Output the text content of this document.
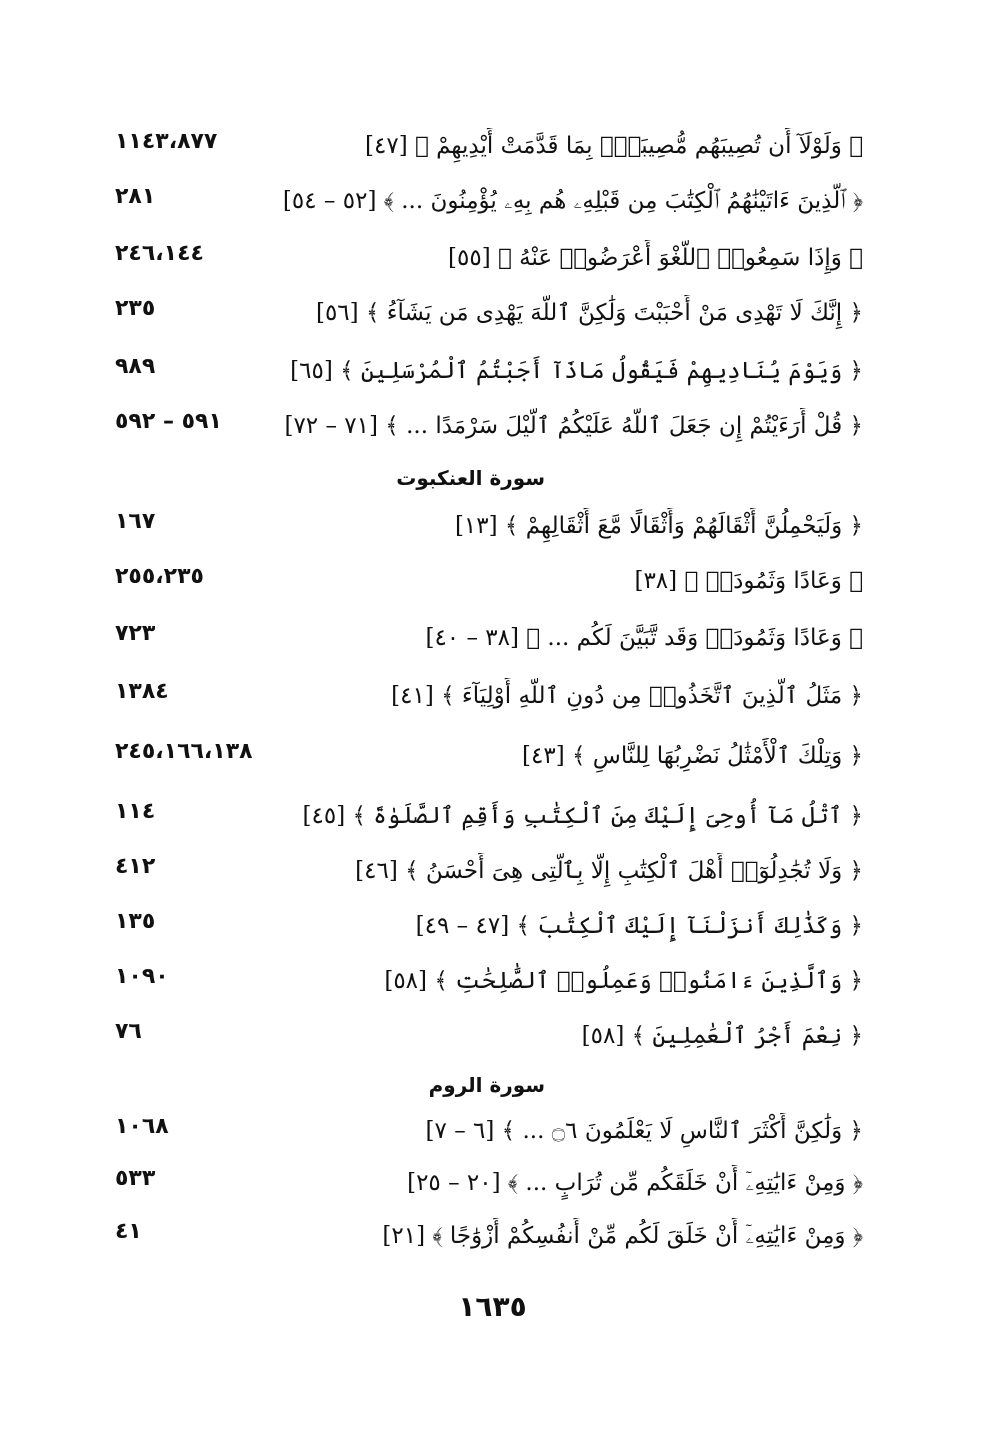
١١٤٣،٨٧٧	﴿ وَلَوْلَآ أَن تُصِيبَهُم مُّصِيبَةُۢ بِمَا قَدَّمَتْ أَيْدِيهِمْ ﴾ [٤٧]
٢٨١	﴿ ٱلَّذِينَ ءَاتَيْنَٰهُمُ ٱلْكِتَٰبَ مِن قَبْلِهِۦ هُم بِهِۦ يُؤْمِنُونَ ... ﴾ [٥٢ – ٥٤]
٢٤٦،١٤٤	﴿ وَإِذَا سَمِعُوا۟ ٱللَّغْوَ أَعْرَضُوا۟ عَنْهُ ﴾ [٥٥]
٢٣٥	﴿ إِنَّكَ لَا تَهْدِى مَنْ أَحْبَبْتَ وَلَٰكِنَّ ٱللَّهَ يَهْدِى مَن يَشَآءُ ﴾ [٥٦]
٩٨٩	﴿ وَيَوْمَ يُنَادِيهِمْ فَيَقُولُ مَاذَآ أَجَبْتُمُ ٱلْمُرْسَلِينَ ﴾ [٦٥]
٥٩١ – ٥٩٢	﴿ قُلْ أَرَءَيْتُمْ إِن جَعَلَ ٱللَّهُ عَلَيْكُمُ ٱلَّيْلَ سَرْمَدًا ... ﴾ [٧١ – ٧٢]
سورة العنكبوت
١٦٧	﴿ وَلَيَحْمِلُنَّ أَثْقَالَهُمْ وَأَثْقَالًا مَّعَ أَثْقَالِهِمْ ﴾ [١٣]
٢٥٥،٢٣٥	﴿ وَعَادًا وَثَمُودَا۟ ﴾ [٣٨]
٧٢٣	﴿ وَعَادًا وَثَمُودَا۟ وَقَد تَّبَيَّنَ لَكُم ... ﴾ [٣٨ – ٤٠]
١٣٨٤	﴿ مَثَلُ ٱلَّذِينَ ٱتَّخَذُوا۟ مِن دُونِ ٱللَّهِ أَوْلِيَآءَ ﴾ [٤١]
٢٤٥،١٦٦،١٣٨	﴿ وَتِلْكَ ٱلْأَمْثَٰلُ نَضْرِبُهَا لِلنَّاسِ ﴾ [٤٣]
١١٤	﴿ ٱتْلُ مَآ أُوحِىَ إِلَيْكَ مِنَ ٱلْكِتَٰبِ وَأَقِمِ ٱلصَّلَوٰةَ ﴾ [٤٥]
٤١٢	﴿ وَلَا تُجَٰدِلُوٓا۟ أَهْلَ ٱلْكِتَٰبِ إِلَّا بِٱلَّتِى هِىَ أَحْسَنُ ﴾ [٤٦]
١٣٥	﴿ وَكَذَٰلِكَ أَنزَلْنَآ إِلَيْكَ ٱلْكِتَٰبَ ﴾ [٤٧ – ٤٩]
١٠٩٠	﴿ وَٱلَّذِينَ ءَامَنُوا۟ وَعَمِلُوا۟ ٱلصَّٰلِحَٰتِ ﴾ [٥٨]
٧٦	﴿ نِعْمَ أَجْرُ ٱلْعَٰمِلِينَ ﴾ [٥٨]
سورة الروم
١٠٦٨	﴿ وَلَٰكِنَّ أَكْثَرَ ٱلنَّاسِ لَا يَعْلَمُونَ ۝٦ ... ﴾ [٦ – ٧]
٥٣٣	﴿ وَمِنْ ءَايَٰتِهِۦٓ أَنْ خَلَقَكُم مِّن تُرَابٍ ... ﴾ [٢٠ – ٢٥]
٤١	﴿ وَمِنْ ءَايَٰتِهِۦٓ أَنْ خَلَقَ لَكُم مِّنْ أَنفُسِكُمْ أَزْوَٰجًا ﴾ [٢١]
١٦٣٥
